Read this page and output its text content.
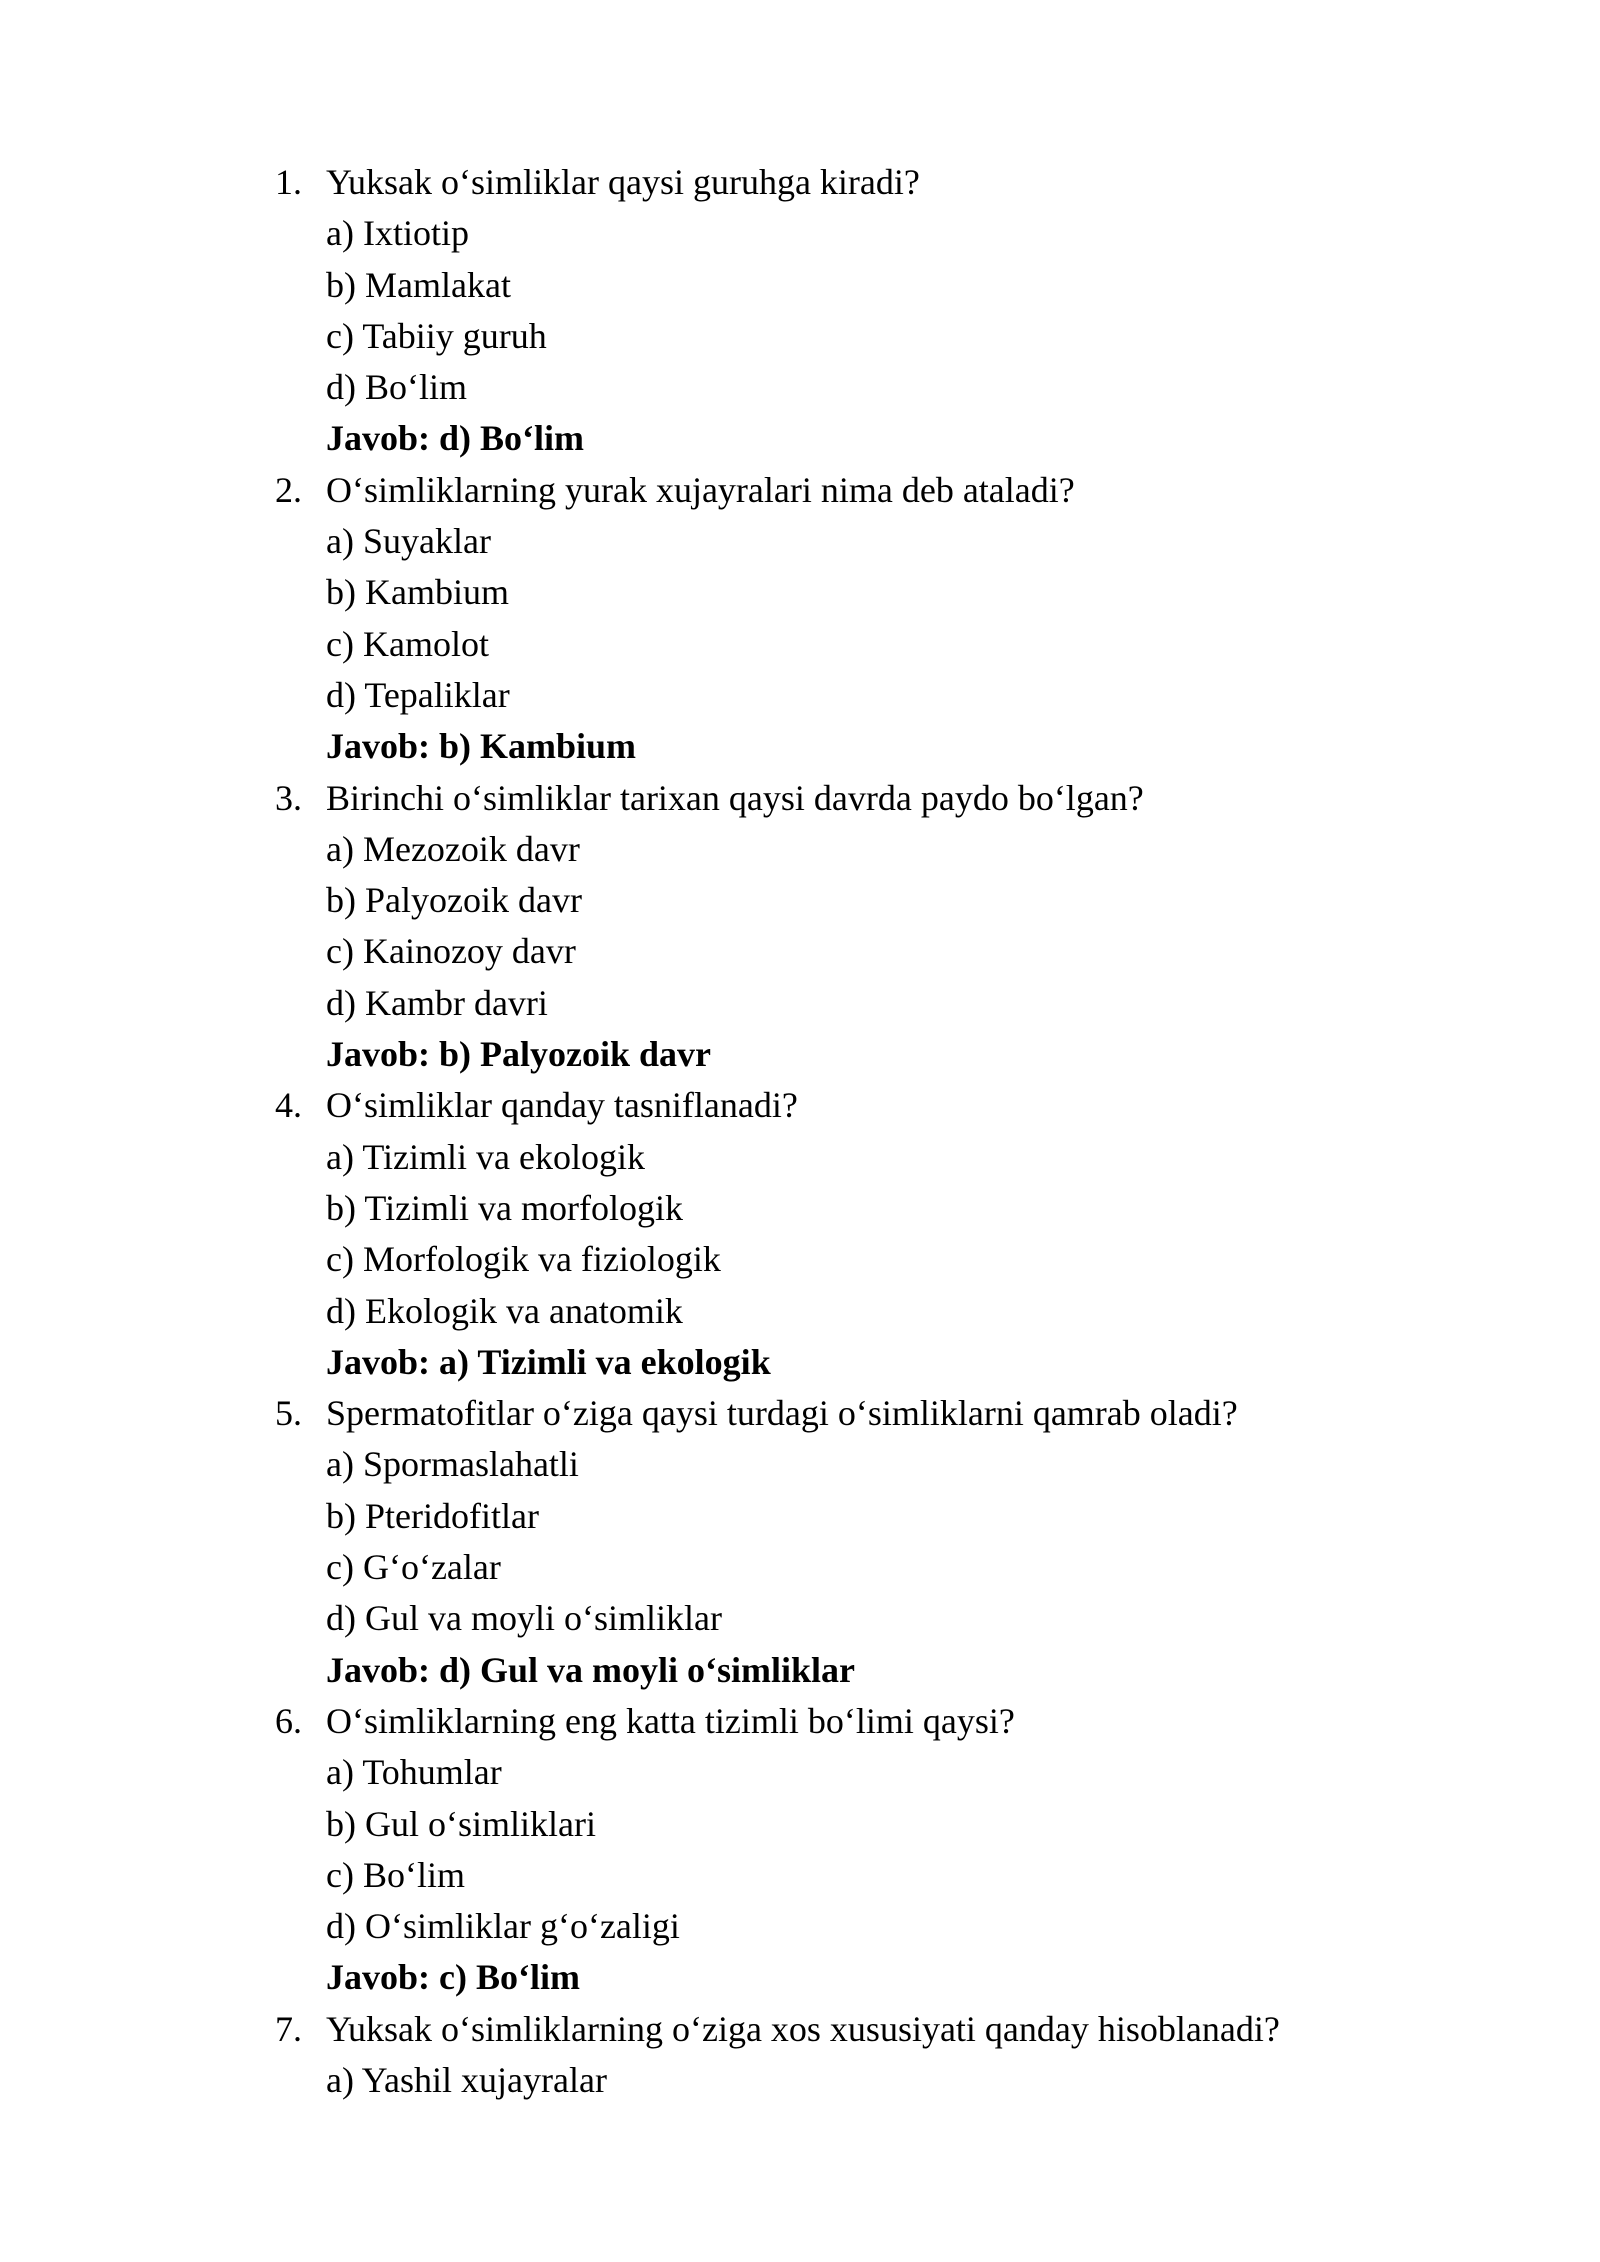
1. Yuksak o‘simliklar qaysi guruhga kiradi?
a) Ixtiotip
b) Mamlakat
c) Tabiiy guruh
d) Bo‘lim
Javob: d) Bo‘lim
2. O‘simliklarning yurak xujayralari nima deb ataladi?
a) Suyaklar
b) Kambium
c) Kamolot
d) Tepaliklar
Javob: b) Kambium
3. Birinchi o‘simliklar tarixan qaysi davrda paydo bo‘lgan?
a) Mezozoik davr
b) Palyozoik davr
c) Kainozoy davr
d) Kambr davri
Javob: b) Palyozoik davr
4. O‘simliklar qanday tasniflanadi?
a) Tizimli va ekologik
b) Tizimli va morfologik
c) Morfologik va fiziologik
d) Ekologik va anatomik
Javob: a) Tizimli va ekologik
5. Spermatofitlar o‘ziga qaysi turdagi o‘simliklarni qamrab oladi?
a) Spormaslahatli
b) Pteridofitlar
c) G‘o‘zalar
d) Gul va moyli o‘simliklar
Javob: d) Gul va moyli o‘simliklar
6. O‘simliklarning eng katta tizimli bo‘limi qaysi?
a) Tohumlar
b) Gul o‘simliklari
c) Bo‘lim
d) O‘simliklar g‘o‘zaligi
Javob: c) Bo‘lim
7. Yuksak o‘simliklarning o‘ziga xos xususiyati qanday hisoblanadi?
a) Yashil xujayralar
